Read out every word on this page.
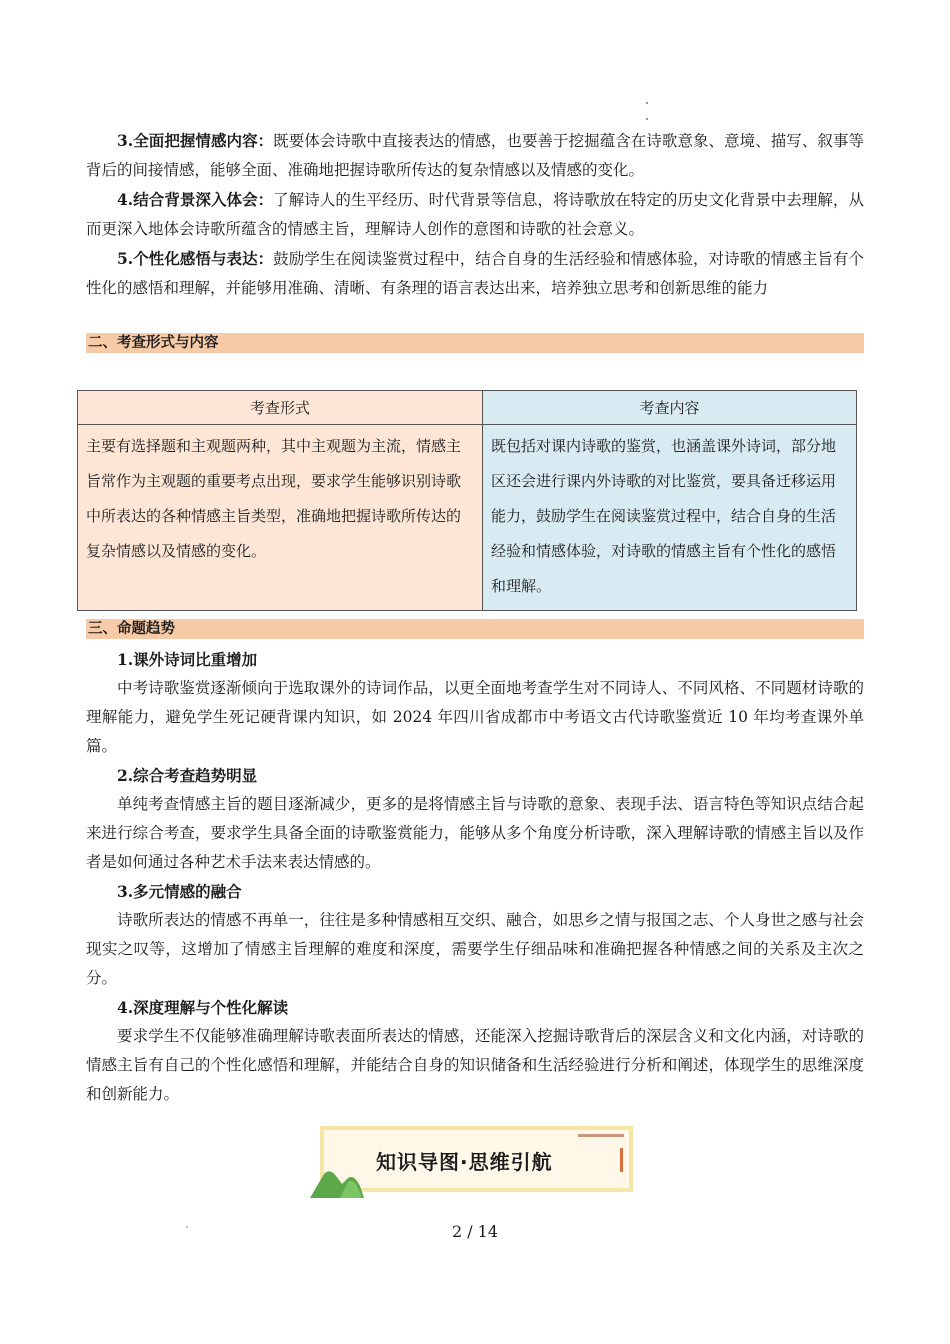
3.全面把握情感内容：既要体会诗歌中直接表达的情感，也要善于挖掘蕴含在诗歌意象、意境、描写、叙事等背后的间接情感，能够全面、准确地把握诗歌所传达的复杂情感以及情感的变化。

4.结合背景深入体会：了解诗人的生平经历、时代背景等信息，将诗歌放在特定的历史文化背景中去理解，从而更深入地体会诗歌所蕴含的情感主旨，理解诗人创作的意图和诗歌的社会意义。

5.个性化感悟与表达：鼓励学生在阅读鉴赏过程中，结合自身的生活经验和情感体验，对诗歌的情感主旨有个性化的感悟和理解，并能够用准确、清晰、有条理的语言表达出来，培养独立思考和创新思维的能力

二、考查形式与内容
考查形式	考查内容
主要有选择题和主观题两种，其中主观题为主流，情感主旨常作为主观题的重要考点出现，要求学生能够识别诗歌中所表达的各种情感主旨类型，准确地把握诗歌所传达的复杂情感以及情感的变化。	既包括对课内诗歌的鉴赏，也涵盖课外诗词，部分地区还会进行课内外诗歌的对比鉴赏，要具备迁移运用能力，鼓励学生在阅读鉴赏过程中，结合自身的生活经验和情感体验，对诗歌的情感主旨有个性化的感悟和理解。
三、命题趋势

1.课外诗词比重增加

中考诗歌鉴赏逐渐倾向于选取课外的诗词作品，以更全面地考查学生对不同诗人、不同风格、不同题材诗歌的理解能力，避免学生死记硬背课内知识，如 2024 年四川省成都市中考语文古代诗歌鉴赏近 10 年均考查课外单篇。

2.综合考查趋势明显

单纯考查情感主旨的题目逐渐减少，更多的是将情感主旨与诗歌的意象、表现手法、语言特色等知识点结合起来进行综合考查，要求学生具备全面的诗歌鉴赏能力，能够从多个角度分析诗歌，深入理解诗歌的情感主旨以及作者是如何通过各种艺术手法来表达情感的。

3.多元情感的融合

诗歌所表达的情感不再单一，往往是多种情感相互交织、融合，如思乡之情与报国之志、个人身世之感与社会现实之叹等，这增加了情感主旨理解的难度和深度，需要学生仔细品味和准确把握各种情感之间的关系及主次之分。

4.深度理解与个性化解读

要求学生不仅能够准确理解诗歌表面所表达的情感，还能深入挖掘诗歌背后的深层含义和文化内涵，对诗歌的情感主旨有自己的个性化感悟和理解，并能结合自身的知识储备和生活经验进行分析和阐述，体现学生的思维深度和创新能力。

知识导图·思维引航
2 / 14
